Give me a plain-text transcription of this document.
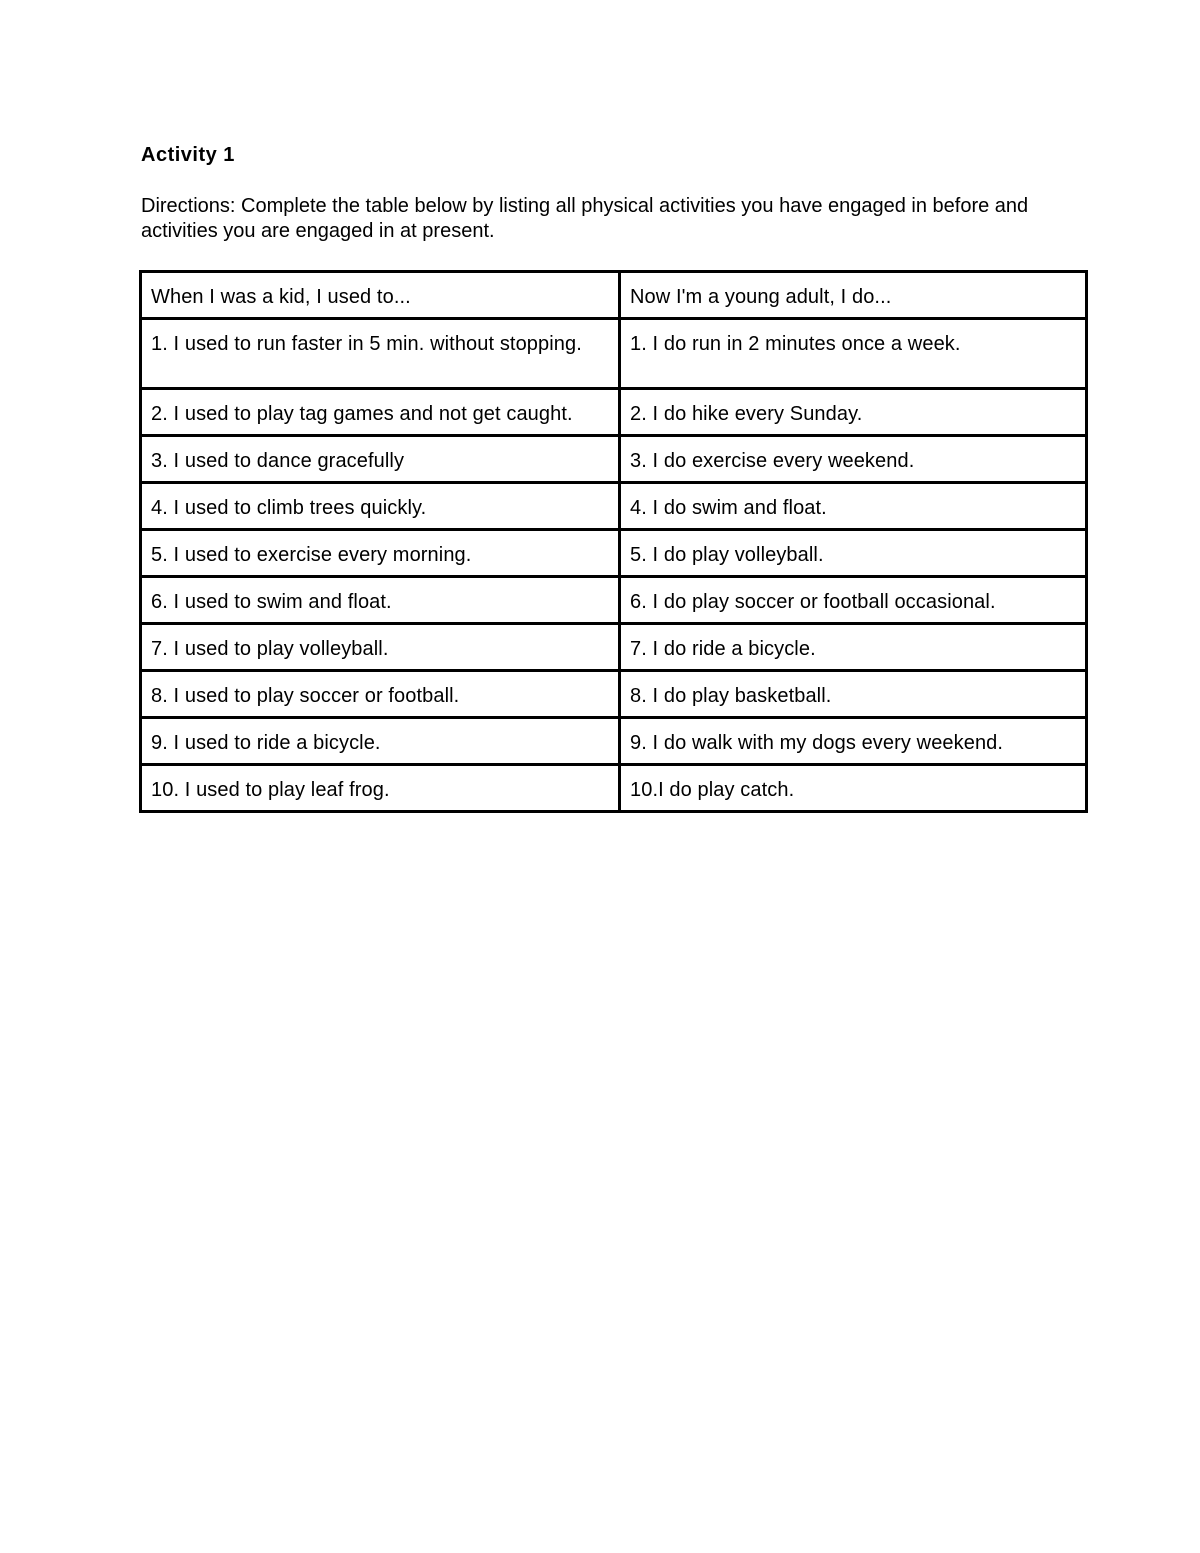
Activity 1

Directions: Complete the table below by listing all physical activities you have engaged in before and activities you are engaged in at present.

When I was a kid, I used to...	Now I'm a young adult, I do...
1. I used to run faster in 5 min. without stopping.	1. I do run in 2 minutes once a week.
2. I used to play tag games and not get caught.	2. I do hike every Sunday.
3. I used to dance gracefully	3. I do exercise every weekend.
4. I used to climb trees quickly.	4. I do swim and float.
5. I used to exercise every morning.	5. I do play volleyball.
6. I used to swim and float.	6. I do play soccer or football occasional.
7. I used to play volleyball.	7. I do ride a bicycle.
8. I used to play soccer or football.	8. I do play basketball.
9. I used to ride a bicycle.	9. I do walk with my dogs every weekend.
10. I used to play leaf frog.	10.I do play catch.
